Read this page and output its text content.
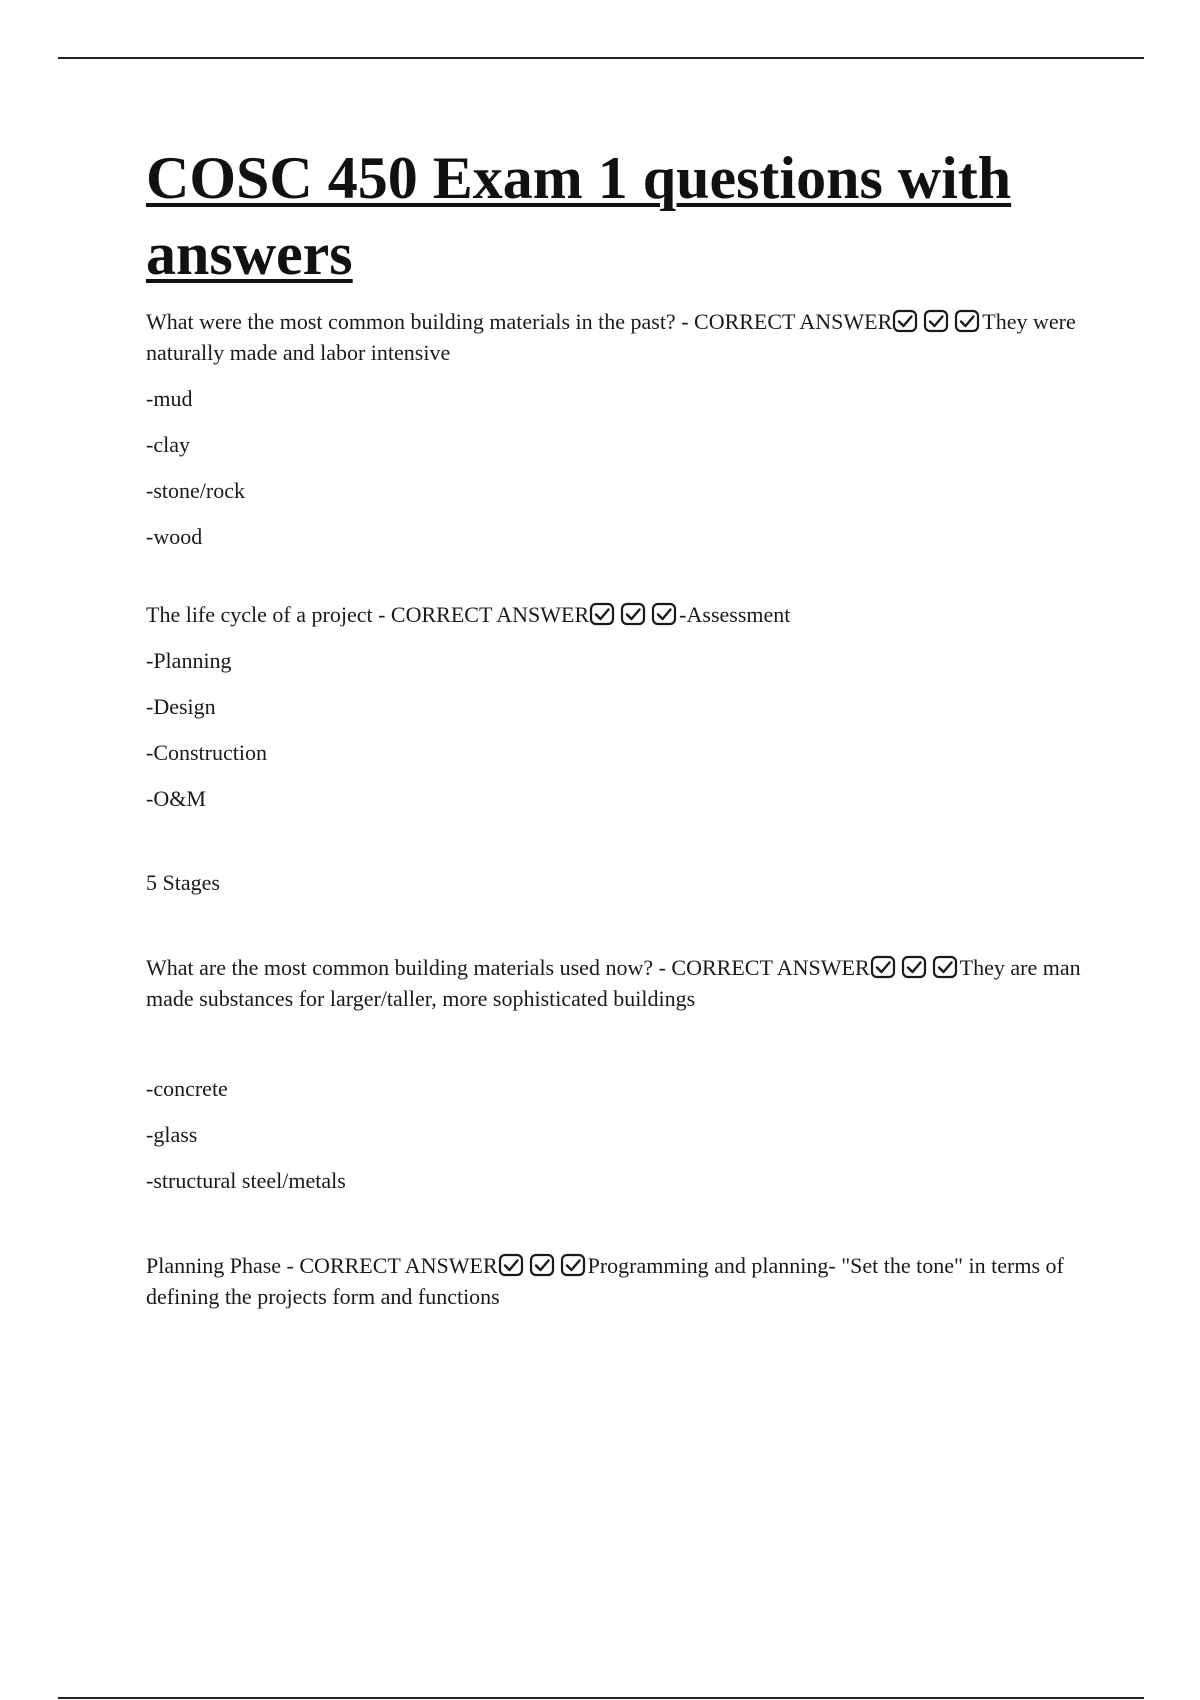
COSC 450 Exam 1 questions with answers

What were the most common building materials in the past? - CORRECT ANSWER	They were naturally made and labor intensive

-mud

-clay

-stone/rock

-wood

The life cycle of a project - CORRECT ANSWER	-Assessment

-Planning

-Design

-Construction

-O&M

5 Stages

What are the most common building materials used now? - CORRECT ANSWER	They are man made substances for larger/taller, more sophisticated buildings

-concrete

-glass

-structural steel/metals

Planning Phase - CORRECT ANSWER	Programming and planning- "Set the tone" in terms of defining the projects form and functions
